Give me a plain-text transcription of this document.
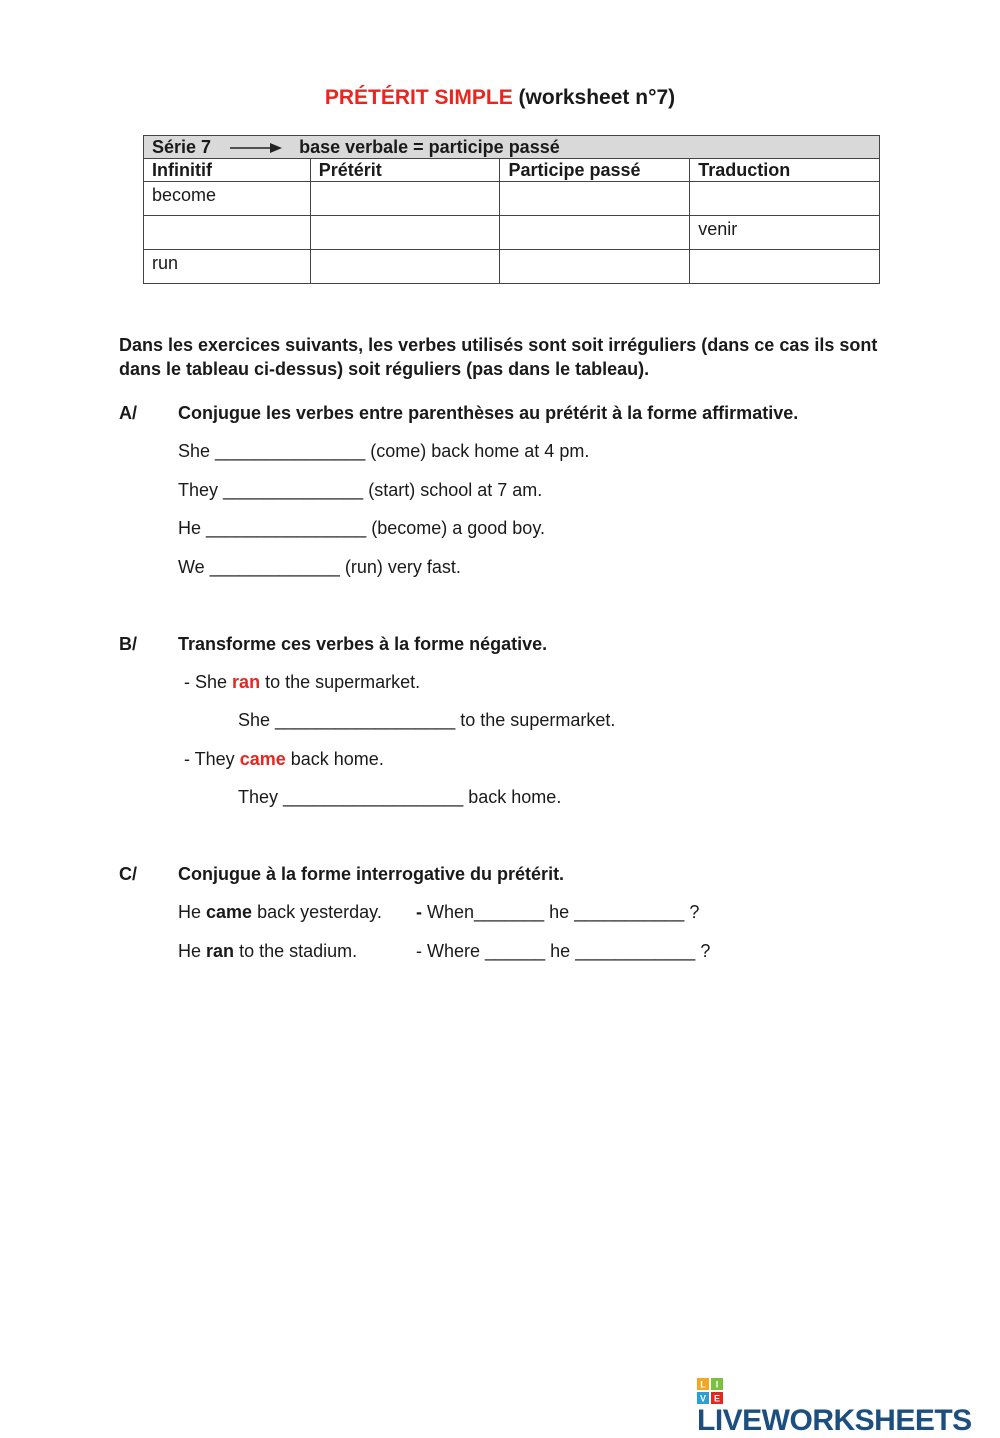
PRÉTÉRIT SIMPLE (worksheet n°7)
Série 7 base verbale = participe passé			
Infinitif	Prétérit	Participe passé	Traduction
become			
			venir
run			
Dans les exercices suivants, les verbes utilisés sont soit irréguliers (dans ce cas ils sont dans le tableau ci-dessus) soit réguliers (pas dans le tableau).
A/ Conjugue les verbes entre parenthèses au prétérit à la forme affirmative.
She _______________ (come) back home at 4 pm.
They ______________ (start) school at 7 am.
He ________________ (become) a good boy.
We _____________ (run) very fast.
B/ Transforme ces verbes à la forme négative.
- She ran to the supermarket.
She __________________ to the supermarket.
- They came back home.
They __________________ back home.
C/ Conjugue à la forme interrogative du prétérit.
He came back yesterday. - When_______ he ___________ ?
He ran to the stadium.	- Where ______ he ____________ ?
L I
V E
LIVEWORKSHEETS
